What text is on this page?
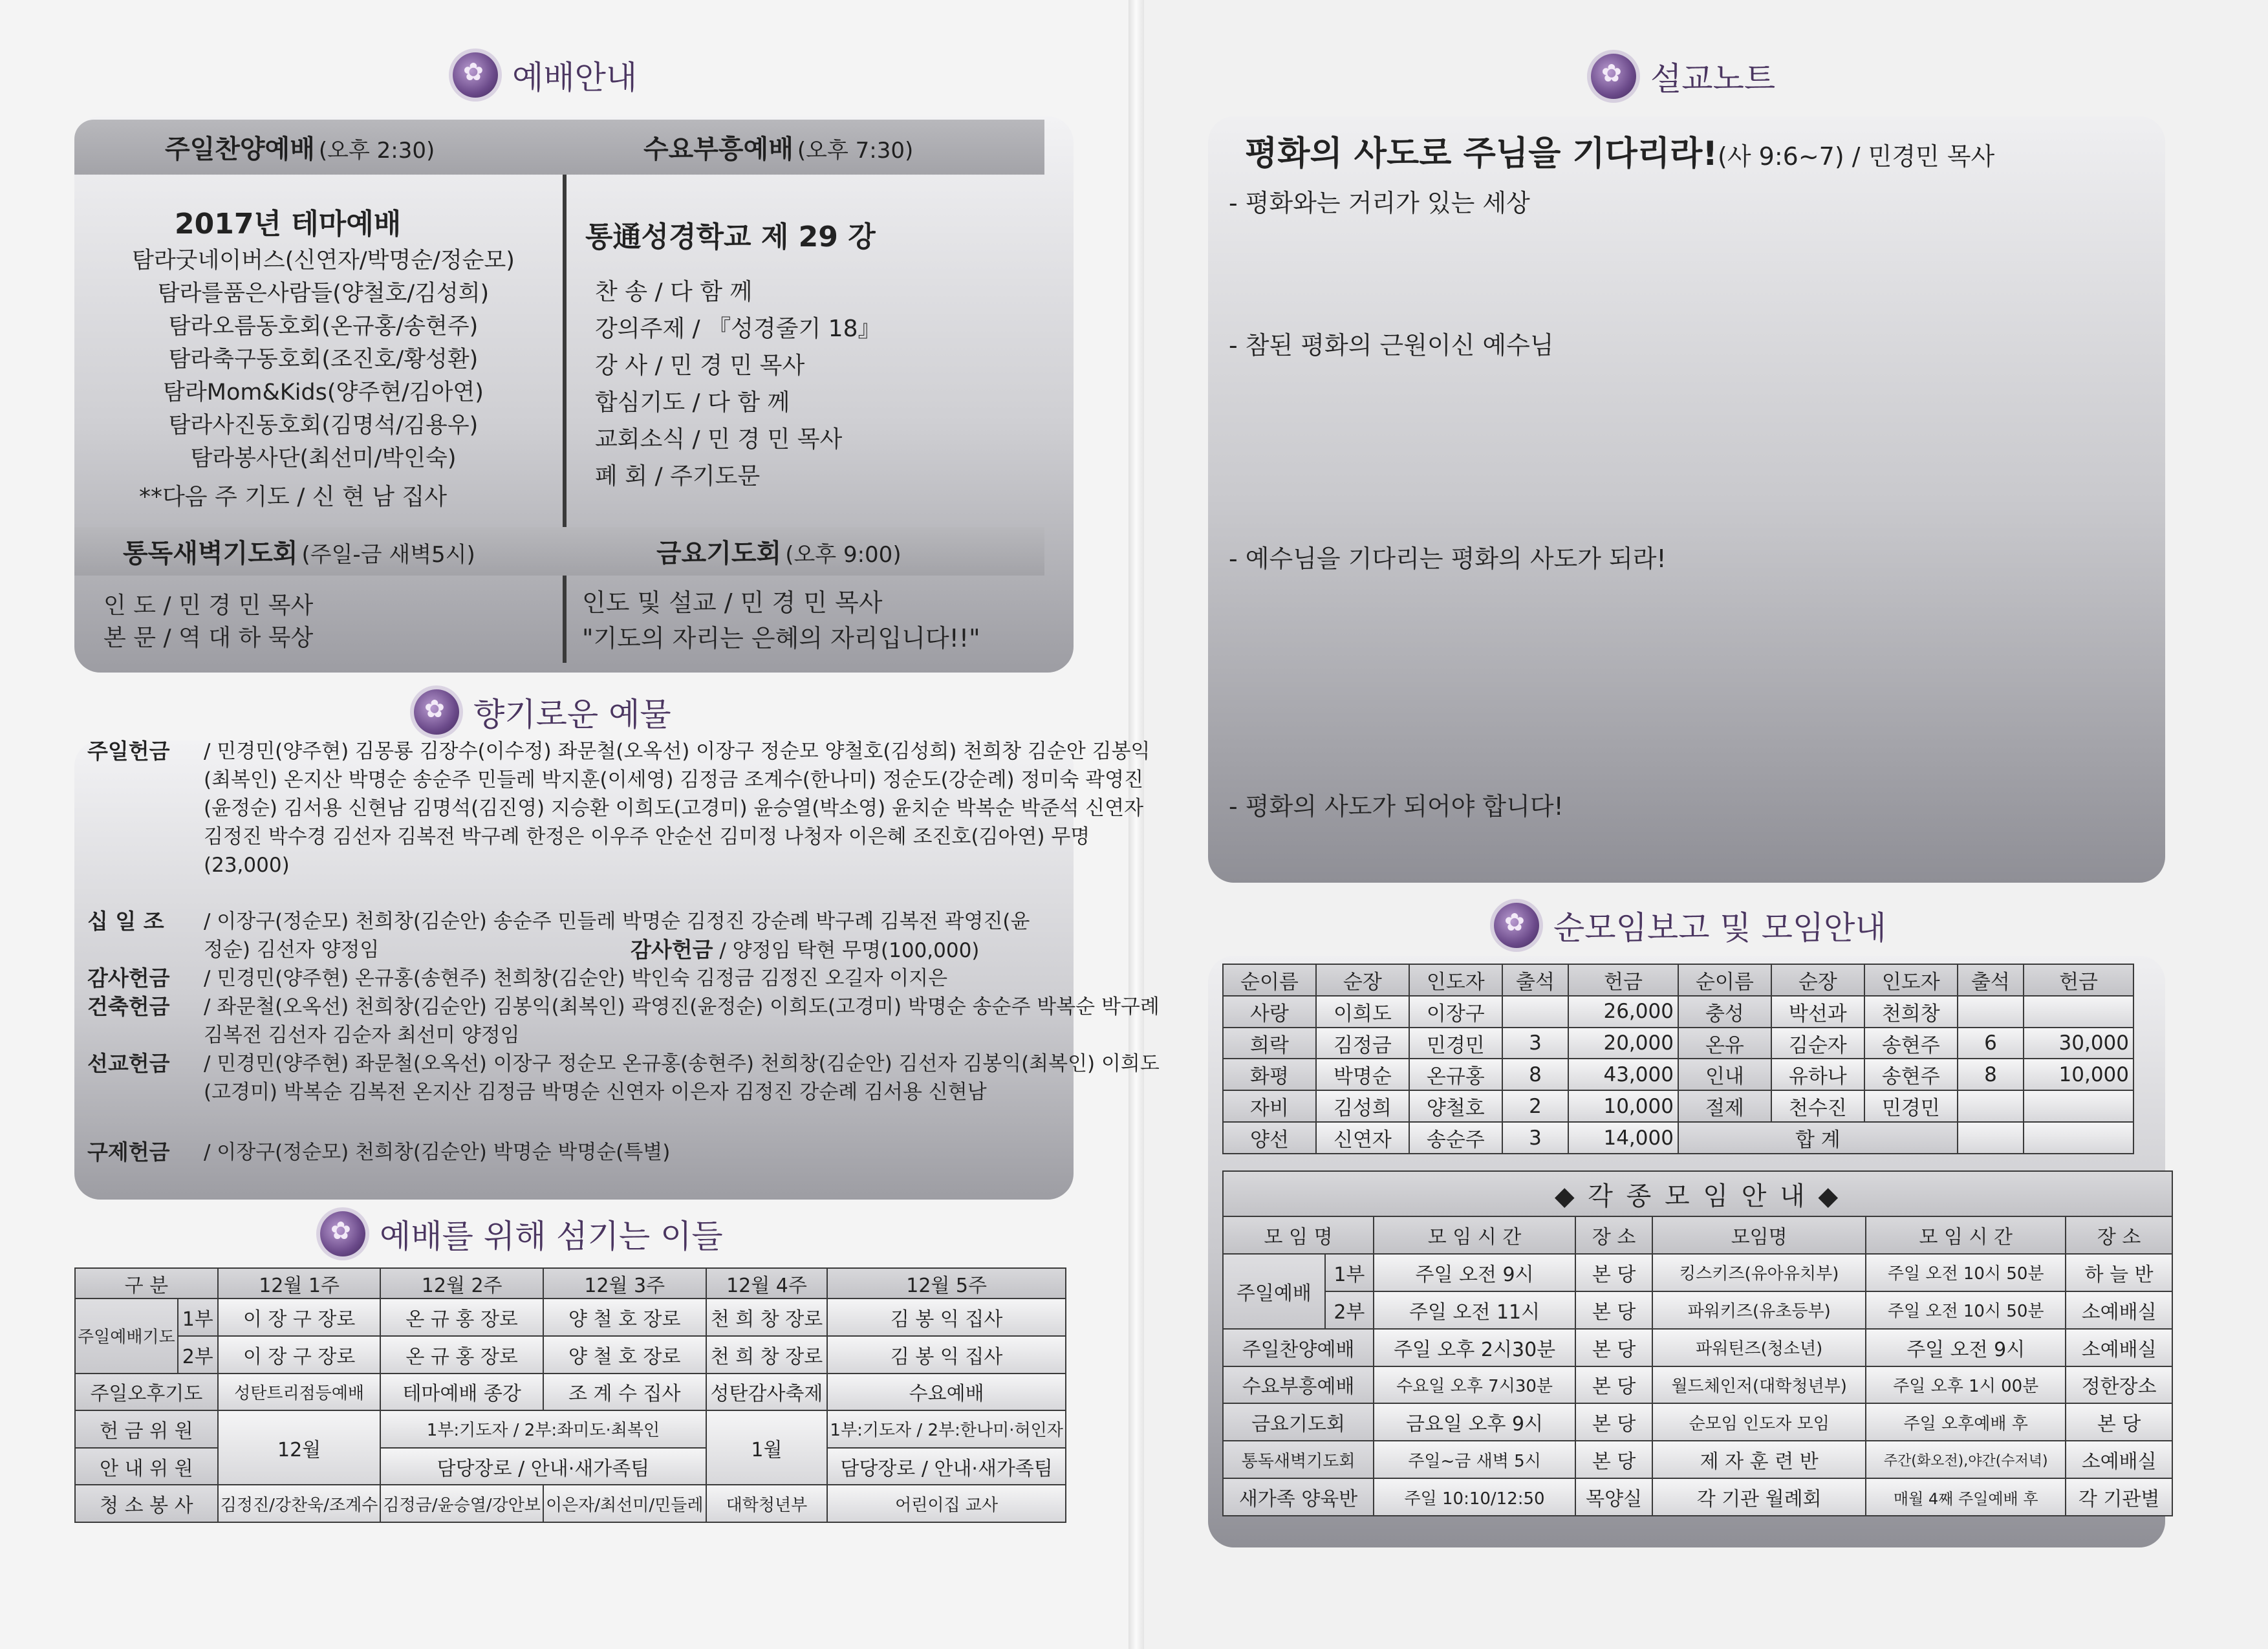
✿
예배안내
주일찬양예배 (오후 2:30)	수요부흥예배 (오후 7:30)
2017년 테마예배
탐라굿네이버스(신연자/박명순/정순모)
탐라를품은사람들(양철호/김성희)
탐라오름동호회(온규홍/송현주)
탐라축구동호회(조진호/황성환)
탐라Mom&Kids(양주현/김아연)
탐라사진동호회(김명석/김용우)
탐라봉사단(최선미/박인숙)
**다음 주 기도 / 신 현 남 집사
통通성경학교 제 29 강
찬 송 / 다 함 께
강의주제 / 『성경줄기 18』
강 사 / 민 경 민 목사
합심기도 / 다 함 께
교회소식 / 민 경 민 목사
폐 회 / 주기도문
통독새벽기도회 (주일-금 새벽5시)	금요기도회 (오후 9:00)
인 도 / 민 경 민 목사
본 문 / 역 대 하 묵상
인도 및 설교 / 민 경 민 목사
"기도의 자리는 은혜의 자리입니다!!"
✿
향기로운 예물
주일헌금	/ 민경민(양주현) 김몽룡 김장수(이수정) 좌문철(오옥선) 이장구 정순모 양철호(김성희) 천희창 김순안 김봉익(최복인) 온지산 박명순 송순주 민들레 박지훈(이세영) 김정금 조계수(한나미) 정순도(강순례) 정미숙 곽영진(윤정순) 김서용 신현남 김명석(김진영) 지승환 이희도(고경미) 윤승열(박소영) 윤치순 박복순 박준석 신연자 김정진 박수경 김선자 김복전 박구례 한정은 이우주 안순선 김미정 나청자 이은혜 조진호(김아연) 무명(23,000)
십 일 조	/ 이장구(정순모) 천희창(김순안) 송순주 민들레 박명순 김정진 강순례 박구례 김복전 곽영진(윤정순) 김선자 양정임	감사헌금 / 양정임 탁현 무명(100,000)
감사헌금	/ 민경민(양주현) 온규홍(송현주) 천희창(김순안) 박인숙 김정금 김정진 오길자 이지은
건축헌금	/ 좌문철(오옥선) 천희창(김순안) 김봉익(최복인) 곽영진(윤정순) 이희도(고경미) 박명순 송순주 박복순 박구례 김복전 김선자 김순자 최선미 양정임
선교헌금	/ 민경민(양주현) 좌문철(오옥선) 이장구 정순모 온규홍(송현주) 천희창(김순안) 김선자 김봉익(최복인) 이희도(고경미) 박복순 김복전 온지산 김정금 박명순 신연자 이은자 김정진 강순례 김서용 신현남
구제헌금	/ 이장구(정순모) 천희창(김순안) 박명순 박명순(특별)
✿
예배를 위해 섬기는 이들
구 분		12월 1주	12월 2주	12월 3주	12월 4주	12월 5주
주일예배기도	1부	이 장 구 장로	온 규 홍 장로	양 철 호 장로	천 희 창 장로	김 봉 익 집사
	2부	이 장 구 장로	온 규 홍 장로	양 철 호 장로	천 희 창 장로	김 봉 익 집사
주일오후기도		성탄트리점등예배	테마예배 종강	조 계 수 집사	성탄감사축제	수요예배
헌 금 위 원		12월	1부:기도자 / 2부:좌미도·최복인		1월	1부:기도자 / 2부:한나미·허인자
안 내 위 원			담당장로 / 안내·새가족팀			담당장로 / 안내·새가족팀
청 소 봉 사		김정진/강찬욱/조계수	김정금/윤승열/강안보	이은자/최선미/민들레	대학청년부	어린이집 교사
✿
설교노트
평화의 사도로 주님을 기다리라!(사 9:6~7) / 민경민 목사
- 평화와는 거리가 있는 세상
- 참된 평화의 근원이신 예수님
- 예수님을 기다리는 평화의 사도가 되라!
- 평화의 사도가 되어야 합니다!
✿
순모임보고 및 모임안내
순이름	순장	인도자	출석	헌금	순이름	순장	인도자	출석	헌금
사랑	이희도	이장구		26,000	충성	박선과	천희창		
희락	김정금	민경민	3	20,000	온유	김순자	송현주	6	30,000
화평	박명순	온규홍	8	43,000	인내	유하나	송현주	8	10,000
자비	김성희	양철호	2	10,000	절제	천수진	민경민		
양선	신연자	송순주	3	14,000	합 계				
◆ 각 종 모 임 안 내 ◆						
모 임 명		모 임 시 간	장 소	모임명	모 임 시 간	장 소
주일예배	1부	주일 오전 9시	본 당	킹스키즈(유아유치부)	주일 오전 10시 50분	하 늘 반
	2부	주일 오전 11시	본 당	파워키즈(유초등부)	주일 오전 10시 50분	소예배실
주일찬양예배		주일 오후 2시30분	본 당	파워틴즈(청소년)	주일 오전 9시	소예배실
수요부흥예배		수요일 오후 7시30분	본 당	월드체인저(대학청년부)	주일 오후 1시 00분	정한장소
금요기도회		금요일 오후 9시	본 당	순모임 인도자 모임	주일 오후예배 후	본 당
통독새벽기도회		주일~금 새벽 5시	본 당	제 자 훈 련 반	주간(화오전),야간(수저녁)	소예배실
새가족 양육반		주일 10:10/12:50	목양실	각 기관 월례회	매월 4째 주일예배 후	각 기관별
